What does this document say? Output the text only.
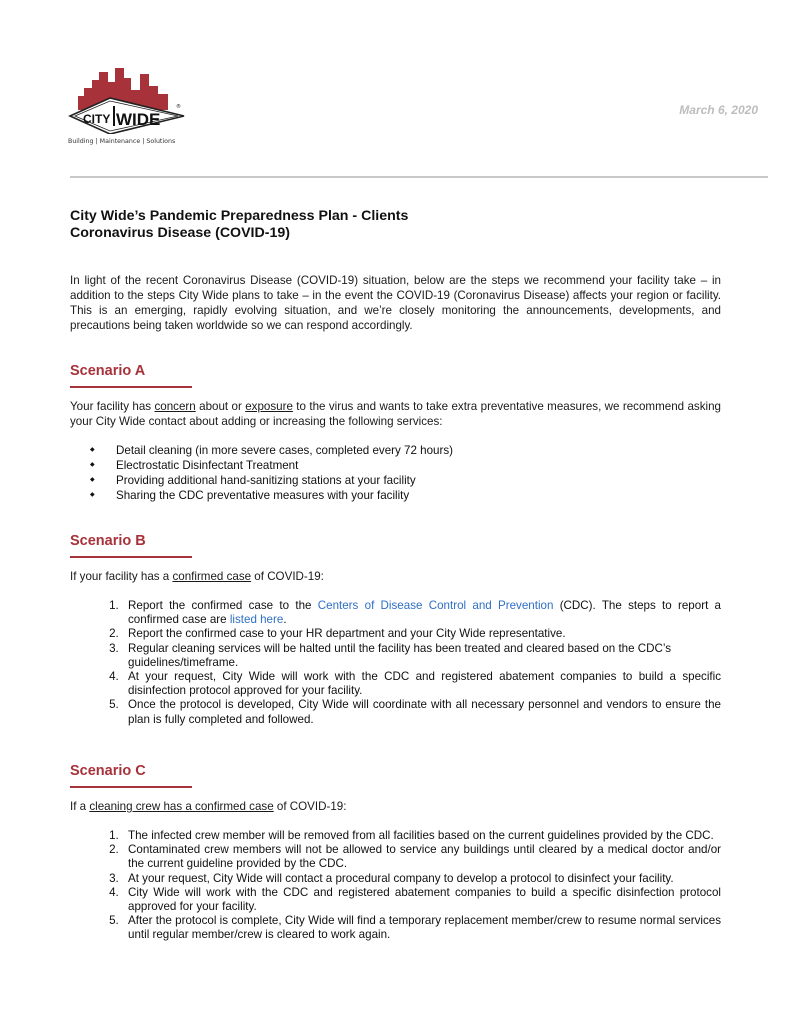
CITY WIDE
®
Building | Maintenance | Solutions
March 6, 2020
City Wide’s Pandemic Preparedness Plan - Clients
Coronavirus Disease (COVID-19)

In light of the recent Coronavirus Disease (COVID-19) situation, below are the steps we recommend your facility take – in addition to the steps City Wide plans to take – in the event the COVID-19 (Coronavirus Disease) affects your region or facility. This is an emerging, rapidly evolving situation, and we’re closely monitoring the announcements, developments, and precautions being taken worldwide so we can respond accordingly.

Scenario A

Your facility has concern about or exposure to the virus and wants to take extra preventative measures, we recommend asking your City Wide contact about adding or increasing the following services:

◆ Detail cleaning (in more severe cases, completed every 72 hours)
◆ Electrostatic Disinfectant Treatment
◆ Providing additional hand-sanitizing stations at your facility
◆ Sharing the CDC preventative measures with your facility
Scenario B

If your facility has a confirmed case of COVID-19:

1. Report the confirmed case to the Centers of Disease Control and Prevention (CDC). The steps to report a confirmed case are listed here.
2. Report the confirmed case to your HR department and your City Wide representative.
3. Regular cleaning services will be halted until the facility has been treated and cleared based on the CDC’s guidelines/timeframe.
4. At your request, City Wide will work with the CDC and registered abatement companies to build a specific disinfection protocol approved for your facility.
5. Once the protocol is developed, City Wide will coordinate with all necessary personnel and vendors to ensure the plan is fully completed and followed.
Scenario C

If a cleaning crew has a confirmed case of COVID-19:

1. The infected crew member will be removed from all facilities based on the current guidelines provided by the CDC.
2. Contaminated crew members will not be allowed to service any buildings until cleared by a medical doctor and/or the current guideline provided by the CDC.
3. At your request, City Wide will contact a procedural company to develop a protocol to disinfect your facility.
4. City Wide will work with the CDC and registered abatement companies to build a specific disinfection protocol approved for your facility.
5. After the protocol is complete, City Wide will find a temporary replacement member/crew to resume normal services until regular member/crew is cleared to work again.
